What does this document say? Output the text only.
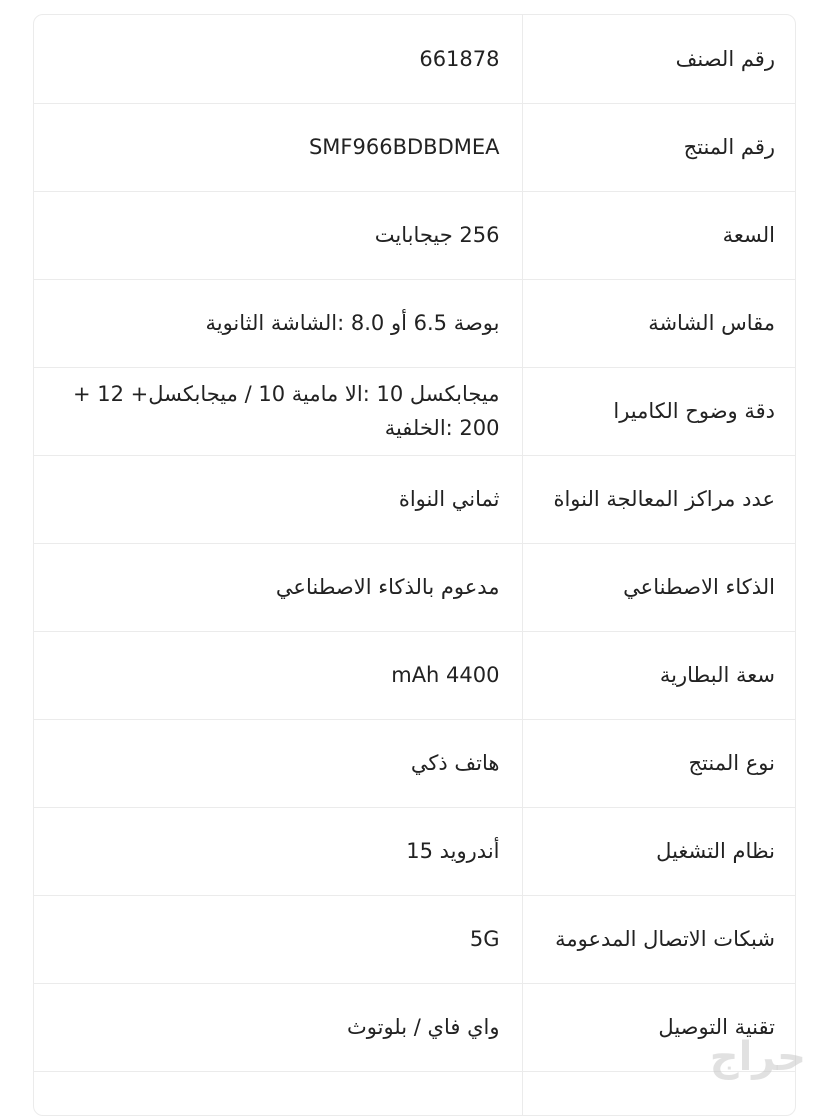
رقم الصنف	661878
رقم المنتج	SMF966BDBDMEA
السعة	256 جيجابايت
مقاس الشاشة	بوصة 6.5 أو 8.0 :الشاشة الثانوية
دقة وضوح الكاميرا	ميجابكسل 10 :الا مامية 10 / ميجابكسل+ 12 + 200 :الخلفية
عدد مراكز المعالجة النواة	ثماني النواة
الذكاء الاصطناعي	مدعوم بالذكاء الاصطناعي
سعة البطارية	mAh 4400
نوع المنتج	هاتف ذكي
نظام التشغيل	أندرويد 15
شبكات الاتصال المدعومة	5G
تقنية التوصيل	واي فاي / بلوتوث

حراج
